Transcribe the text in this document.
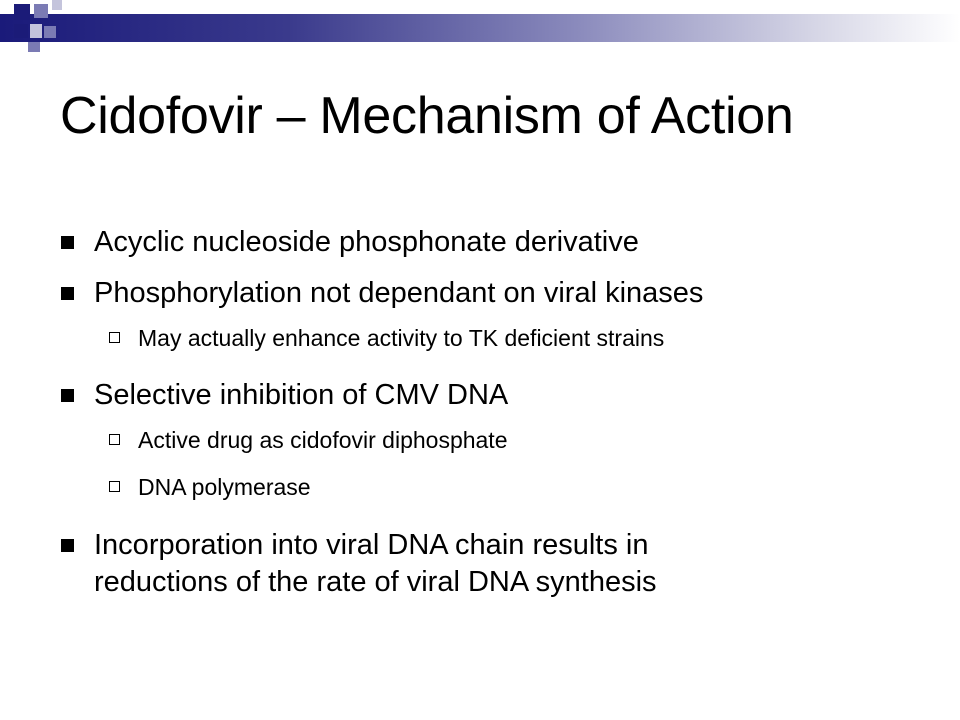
Cidofovir – Mechanism of Action
Acyclic nucleoside phosphonate derivative
Phosphorylation not dependant on viral kinases
May actually enhance activity to TK deficient strains
Selective inhibition of CMV DNA
Active drug as cidofovir diphosphate
DNA polymerase
Incorporation into viral DNA chain results in
reductions of the rate of viral DNA synthesis
